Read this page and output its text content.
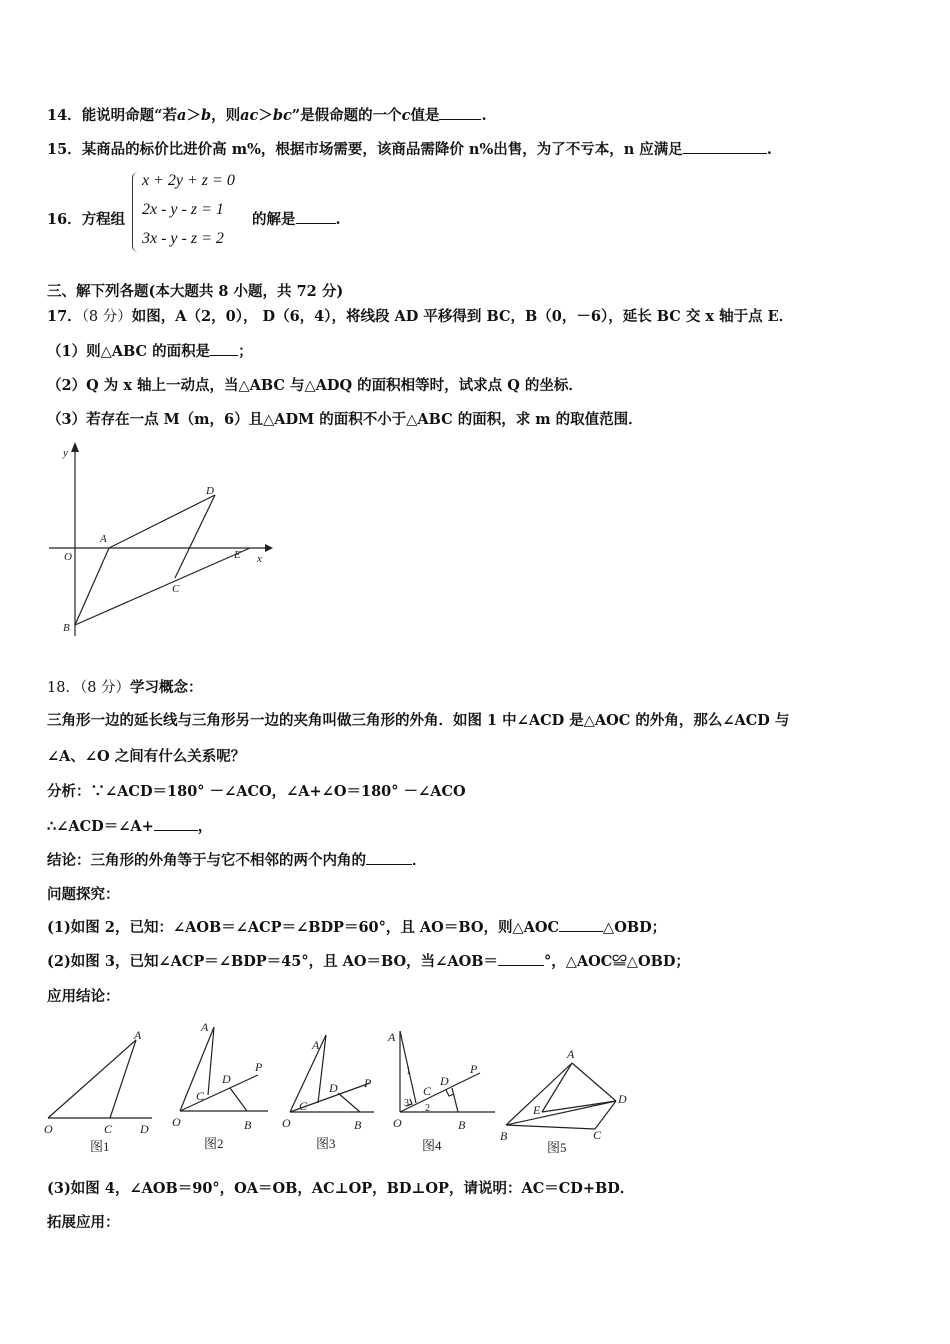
14．能说明命题“若a＞b，则ac＞bc”是假命题的一个c值是	.
15．某商品的标价比进价高 m%，根据市场需要，该商品需降价 n%出售，为了不亏本，n 应满足	.
16．方程组
x + 2y + z = 0
2x - y - z = 1
3x - y - z = 2
的解是	.
三、解下列各题(本大题共 8 小题，共 72 分)
17．（8 分）如图，A（2，0）， D（6，4），将线段 AD 平移得到 BC，B（0，－6），延长 BC 交 x 轴于点 E．
（1）则△ABC 的面积是 ；
（2）Q 为 x 轴上一动点，当△ABC 与△ADQ 的面积相等时，试求点 Q 的坐标．
（3）若存在一点 M（m，6）且△ADM 的面积不小于△ABC 的面积，求 m 的取值范围．
y
x
O
A
D
E
C
B
18．（8 分）学习概念：
三角形一边的延长线与三角形另一边的夹角叫做三角形的外角．如图 1 中∠ACD 是△AOC 的外角，那么∠ACD 与
∠A、∠O 之间有什么关系呢？
分析：∵∠ACD＝180° －∠ACO，∠A+∠O＝180° －∠ACO
∴∠ACD＝∠A+	，
结论：三角形的外角等于与它不相邻的两个内角的	．
问题探究：
(1)如图 2，已知：∠AOB＝∠ACP＝∠BDP＝60°，且 AO＝BO，则△AOC	△OBD；
(2)如图 3，已知∠ACP＝∠BDP＝45°，且 AO＝BO，当∠AOB＝	°，△AOC≌△OBD；
应用结论：
A
O	C D
A
C
D
P
O	B
A
C
D P
O	B
A
1
3 2
C
D
P
O	B
A
E
D
B	C
图1	图2	图3	图4	图5
(3)如图 4，∠AOB＝90°，OA＝OB，AC⊥OP，BD⊥OP，请说明：AC＝CD+BD．
拓展应用：
